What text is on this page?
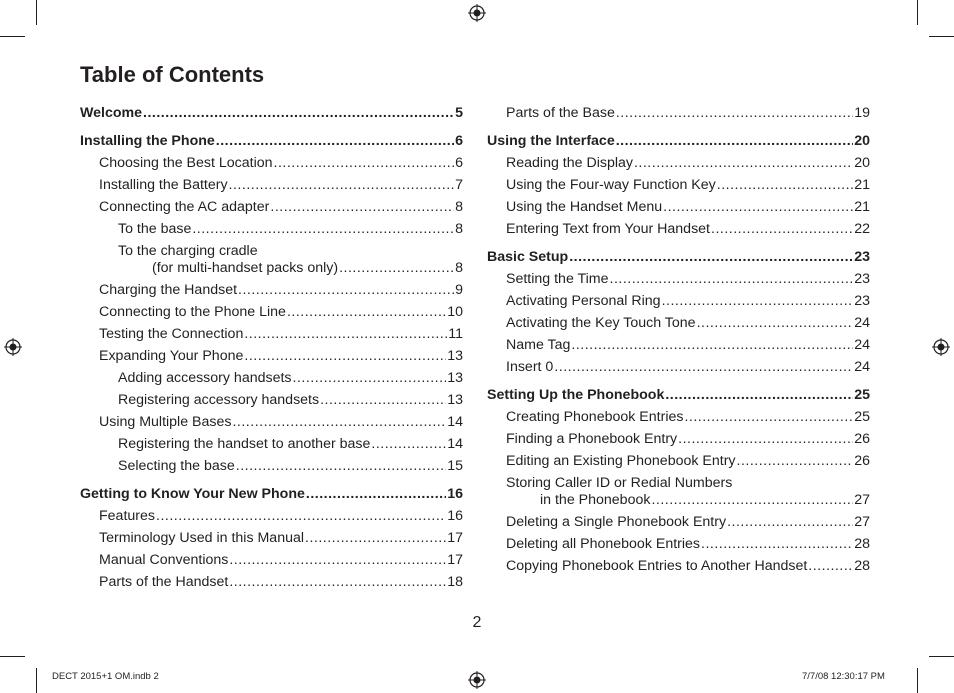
Table of Contents
Welcome .....	5
Installing the Phone .....	6
Choosing the Best Location .....	6
Installing the Battery .....	7
Connecting the AC adapter .....	8
To the base .....	8
To the charging cradle
(for multi-handset packs only) .....	8
Charging the Handset .....	9
Connecting to the Phone Line .....	10
Testing the Connection .....	11
Expanding Your Phone .....	13
Adding accessory handsets .....	13
Registering accessory handsets .....	13
Using Multiple Bases .....	14
Registering the handset to another base .....	14
Selecting the base .....	15
Getting to Know Your New Phone .....	16
Features .....	16
Terminology Used in this Manual .....	17
Manual Conventions .....	17
Parts of the Handset .....	18
Parts of the Base .....	19
Using the Interface .....	20
Reading the Display .....	20
Using the Four-way Function Key .....	21
Using the Handset Menu .....	21
Entering Text from Your Handset .....	22
Basic Setup .....	23
Setting the Time .....	23
Activating Personal Ring .....	23
Activating the Key Touch Tone .....	24
Name Tag .....	24
Insert 0 .....	24
Setting Up the Phonebook .....	25
Creating Phonebook Entries .....	25
Finding a Phonebook Entry .....	26
Editing an Existing Phonebook Entry .....	26
Storing Caller ID or Redial Numbers
in the Phonebook .....	27
Deleting a Single Phonebook Entry .....	27
Deleting all Phonebook Entries .....	28
Copying Phonebook Entries to Another Handset .....	28
2
DECT 2015+1 OM.indb 2	7/7/08 12:30:17 PM
